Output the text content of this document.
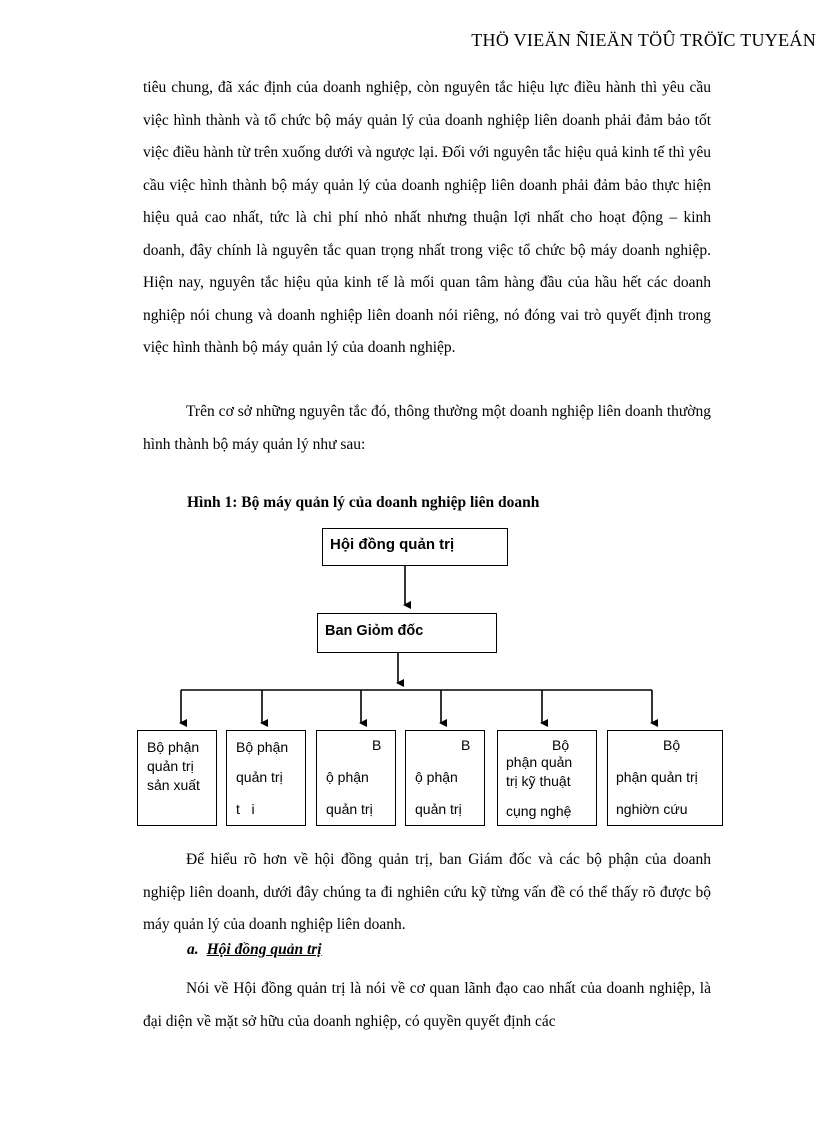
THÖ VIEÄN ÑIEÄN TÖÛ TRÖÏC TUYEÁN

tiêu chung, đã xác định của doanh nghiệp, còn nguyên tắc hiệu lực điều hành thì yêu cầu việc hình thành và tổ chức bộ máy quản lý của doanh nghiệp liên doanh phải đảm bảo tốt việc điều hành từ trên xuống dưới và ngược lại. Đối với nguyên tắc hiệu quả kinh tế thì yêu cầu việc hình thành bộ máy quản lý của doanh nghiệp liên doanh phải đảm bảo thực hiện hiệu quả cao nhất, tức là chi phí nhỏ nhất nhưng thuận lợi nhất cho hoạt động – kinh doanh, đây chính là nguyên tắc quan trọng nhất trong việc tổ chức bộ máy doanh nghiệp. Hiện nay, nguyên tắc hiệu qủa kinh tế là mối quan tâm hàng đầu của hầu hết các doanh nghiệp nói chung và doanh nghiệp liên doanh nói riêng, nó đóng vai trò quyết định trong việc hình thành bộ máy quản lý của doanh nghiệp.

Trên cơ sở những nguyên tắc đó, thông thường một doanh nghiệp liên doanh thường hình thành bộ máy quản lý như sau:

Hình 1: Bộ máy quản lý của doanh nghiệp liên doanh
Hội đồng quản trị
Ban Giỏm đốc
Bộ phận
quản trị
sản xuất
Bộ phận
quản trị
t   i
B
ộ phận
quản trị
B
ộ phận
quản trị
Bộ
phận quản
trị kỹ thuật
cụng nghệ
Bộ
phận quản trị
nghiờn cứu

Để hiểu rõ hơn về hội đồng quản trị, ban Giám đốc và các bộ phận của doanh nghiệp liên doanh, dưới đây chúng ta đi nghiên cứu kỹ từng vấn đề có thể thấy rõ được bộ máy quản lý của doanh nghiệp liên doanh.

a. Hội đồng quản trị

Nói về Hội đồng quản trị là nói về cơ quan lãnh đạo cao nhất của doanh nghiệp, là đại diện về mặt sở hữu của doanh nghiệp, có quyền quyết định các
